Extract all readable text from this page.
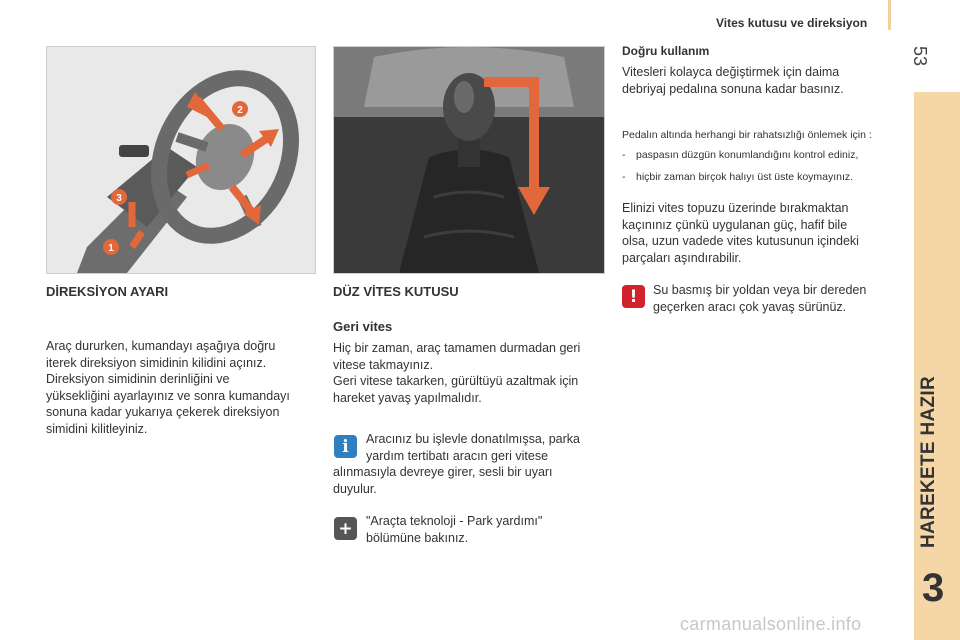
Vites kutusu ve direksiyon
53
HAREKETE HAZIR
3
2
3
1
DİREKSİYON AYARI
Araç dururken, kumandayı aşağıya doğru
iterek direksiyon simidinin kilidini açınız.
Direksiyon simidinin derinliğini ve
yüksekliğini ayarlayınız ve sonra kumandayı
sonuna kadar yukarıya çekerek direksiyon
simidini kilitleyiniz.
DÜZ VİTES KUTUSU
Geri vites
Hiç bir zaman, araç tamamen durmadan geri
vitese takmayınız.
Geri vitese takarken, gürültüyü azaltmak için
hareket yavaş yapılmalıdır.
i	Aracınız bu işlevle donatılmışsa, parka
yardım tertibatı aracın geri vitese
alınmasıyla devreye girer, sesli bir uyarı
duyulur.
+	"Araçta teknoloji - Park yardımı"
bölümüne bakınız.
Doğru kullanım
Vitesleri kolayca değiştirmek için daima
debriyaj pedalına sonuna kadar basınız.
Pedalın altında herhangi bir rahatsızlığı önlemek için :
- paspasın düzgün konumlandığını kontrol ediniz,
- hiçbir zaman birçok halıyı üst üste koymayınız.
Elinizi vites topuzu üzerinde bırakmaktan
kaçınınız çünkü uygulanan güç, hafif bile
olsa, uzun vadede vites kutusunun içindeki
parçaları aşındırabilir.
!	Su basmış bir yoldan veya bir dereden
geçerken aracı çok yavaş sürünüz.
carmanualsonline.info
